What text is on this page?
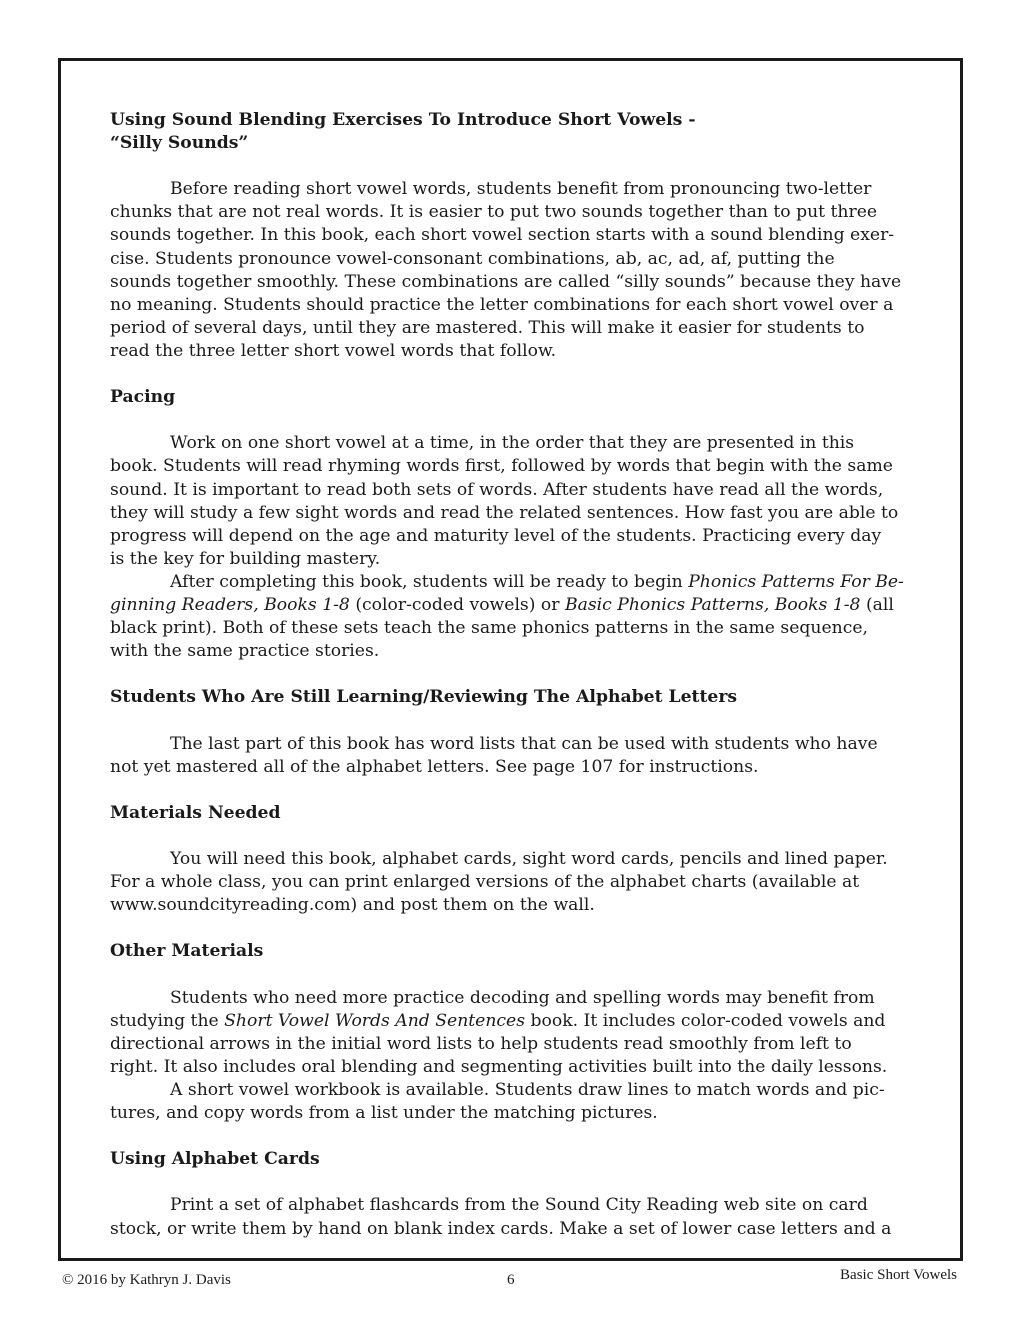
Using Sound Blending Exercises To Introduce Short Vowels -
“Silly Sounds”

Before reading short vowel words, students benefit from pronouncing two-letter
chunks that are not real words. It is easier to put two sounds together than to put three
sounds together. In this book, each short vowel section starts with a sound blending exer-
cise. Students pronounce vowel-consonant combinations, ab, ac, ad, af, putting the
sounds together smoothly. These combinations are called “silly sounds” because they have
no meaning. Students should practice the letter combinations for each short vowel over a
period of several days, until they are mastered. This will make it easier for students to
read the three letter short vowel words that follow.

Pacing

Work on one short vowel at a time, in the order that they are presented in this
book. Students will read rhyming words first, followed by words that begin with the same
sound. It is important to read both sets of words. After students have read all the words,
they will study a few sight words and read the related sentences. How fast you are able to
progress will depend on the age and maturity level of the students. Practicing every day
is the key for building mastery.

After completing this book, students will be ready to begin Phonics Patterns For Be-
ginning Readers, Books 1-8 (color-coded vowels) or Basic Phonics Patterns, Books 1-8 (all
black print). Both of these sets teach the same phonics patterns in the same sequence,
with the same practice stories.

Students Who Are Still Learning/Reviewing The Alphabet Letters

The last part of this book has word lists that can be used with students who have
not yet mastered all of the alphabet letters. See page 107 for instructions.

Materials Needed

You will need this book, alphabet cards, sight word cards, pencils and lined paper.
For a whole class, you can print enlarged versions of the alphabet charts (available at
www.soundcityreading.com) and post them on the wall.

Other Materials

Students who need more practice decoding and spelling words may benefit from
studying the Short Vowel Words And Sentences book. It includes color-coded vowels and
directional arrows in the initial word lists to help students read smoothly from left to
right. It also includes oral blending and segmenting activities built into the daily lessons.

A short vowel workbook is available. Students draw lines to match words and pic-
tures, and copy words from a list under the matching pictures.

Using Alphabet Cards

Print a set of alphabet flashcards from the Sound City Reading web site on card
stock, or write them by hand on blank index cards. Make a set of lower case letters and a

© 2016 by Kathryn J. Davis	6	Basic Short Vowels
